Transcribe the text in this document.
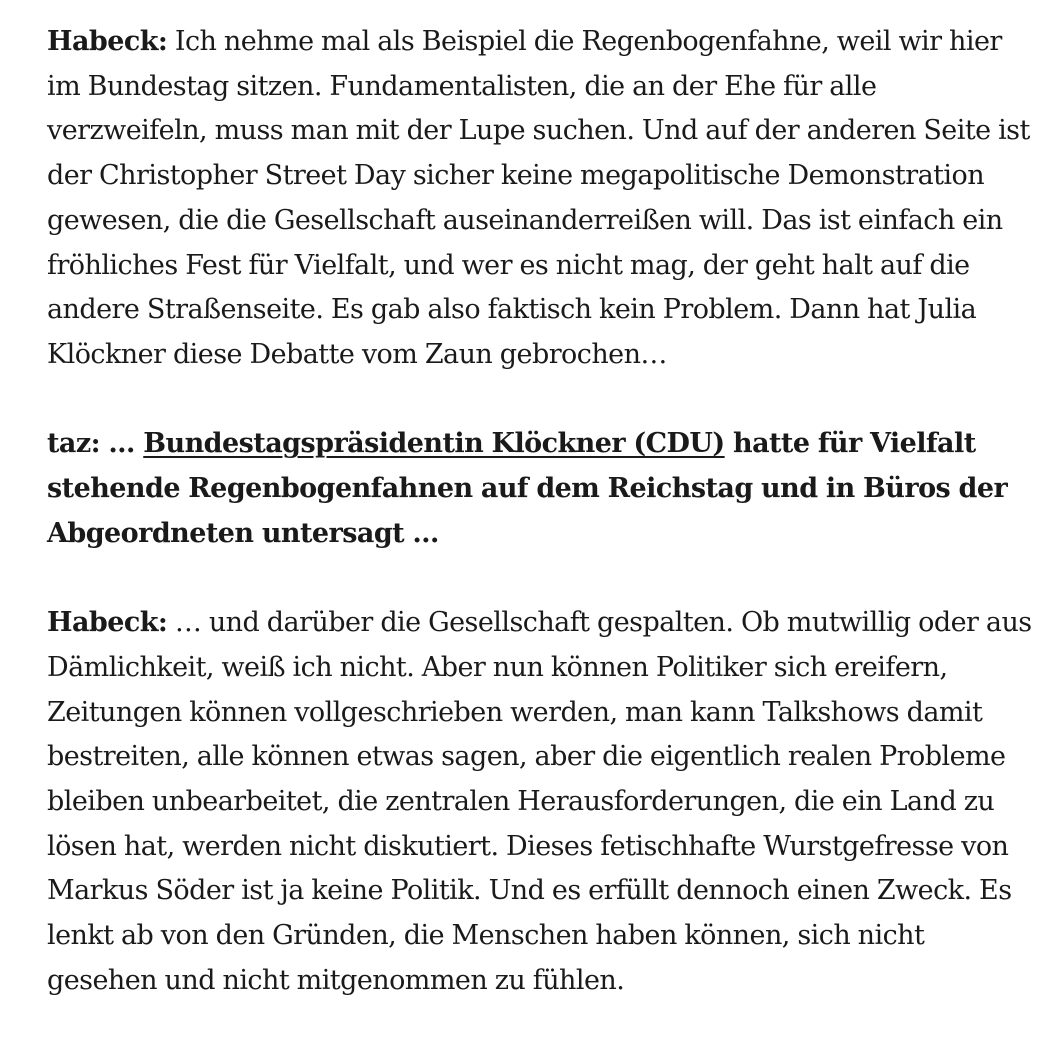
Habeck: Ich nehme mal als Beispiel die Regenbogenfahne, weil wir hier im Bundestag sitzen. Fundamentalisten, die an der Ehe für alle verzweifeln, muss man mit der Lupe suchen. Und auf der anderen Seite ist der Christopher Street Day sicher keine megapolitische Demonstration gewesen, die die Gesellschaft auseinanderreißen will. Das ist einfach ein fröhliches Fest für Vielfalt, und wer es nicht mag, der geht halt auf die andere Straßenseite. Es gab also faktisch kein Problem. Dann hat Julia Klöckner diese Debatte vom Zaun gebrochen…

taz: … Bundestagspräsidentin Klöckner (CDU) hatte für Vielfalt stehende Regenbogenfahnen auf dem Reichstag und in Büros der Abgeordneten untersagt …

Habeck: … und darüber die Gesellschaft gespalten. Ob mutwillig oder aus Dämlichkeit, weiß ich nicht. Aber nun können Politiker sich ereifern, Zeitungen können vollgeschrieben werden, man kann Talkshows damit bestreiten, alle können etwas sagen, aber die eigentlich realen Probleme bleiben unbearbeitet, die zentralen Herausforderungen, die ein Land zu lösen hat, werden nicht diskutiert. Dieses fetischhafte Wurstgefresse von Markus Söder ist ja keine Politik. Und es erfüllt dennoch einen Zweck. Es lenkt ab von den Gründen, die Menschen haben können, sich nicht gesehen und nicht mitgenommen zu fühlen.
